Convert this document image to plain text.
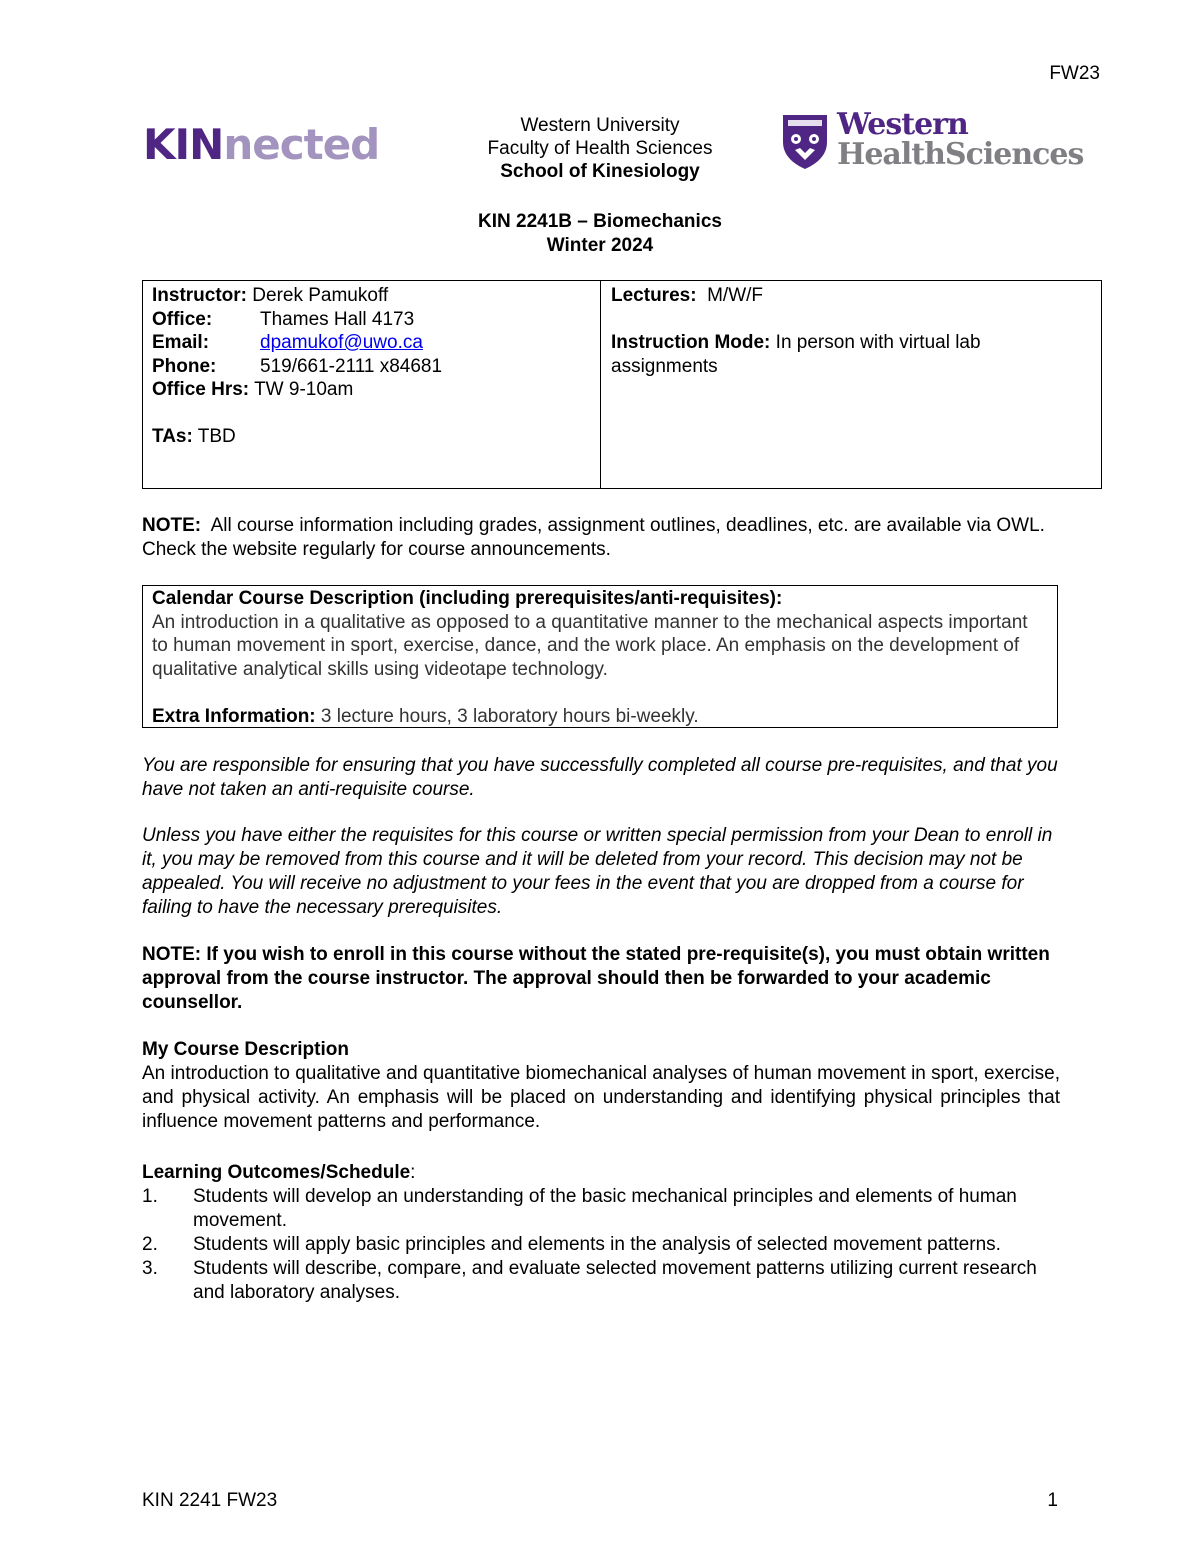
FW23
KINnected	Western University
Faculty of Health Sciences
School of Kinesiology
Western
HealthSciences
KIN 2241B – Biomechanics
Winter 2024
Instructor: Derek Pamukoff
Office:	Thames Hall 4173
Email:	dpamukof@uwo.ca
Phone: 519/661-2111 x84681
Office Hrs: TW 9-10am
TAs: TBD
Lectures: M/W/F
Instruction Mode: In person with virtual lab assignments
NOTE: All course information including grades, assignment outlines, deadlines, etc. are available via OWL. Check the website regularly for course announcements.
Calendar Course Description (including prerequisites/anti-requisites):
An introduction in a qualitative as opposed to a quantitative manner to the mechanical aspects important to human movement in sport, exercise, dance, and the work place. An emphasis on the development of qualitative analytical skills using videotape technology.
Extra Information: 3 lecture hours, 3 laboratory hours bi-weekly.
You are responsible for ensuring that you have successfully completed all course pre-requisites, and that you have not taken an anti-requisite course.
Unless you have either the requisites for this course or written special permission from your Dean to enroll in it, you may be removed from this course and it will be deleted from your record. This decision may not be appealed. You will receive no adjustment to your fees in the event that you are dropped from a course for failing to have the necessary prerequisites.
NOTE: If you wish to enroll in this course without the stated pre-requisite(s), you must obtain written approval from the course instructor. The approval should then be forwarded to your academic counsellor.
My Course Description
An introduction to qualitative and quantitative biomechanical analyses of human movement in sport, exercise, and physical activity. An emphasis will be placed on understanding and identifying physical principles that influence movement patterns and performance.
Learning Outcomes/Schedule:
1. Students will develop an understanding of the basic mechanical principles and elements of human movement.
2. Students will apply basic principles and elements in the analysis of selected movement patterns.
3. Students will describe, compare, and evaluate selected movement patterns utilizing current research and laboratory analyses.
KIN 2241 FW23	1
